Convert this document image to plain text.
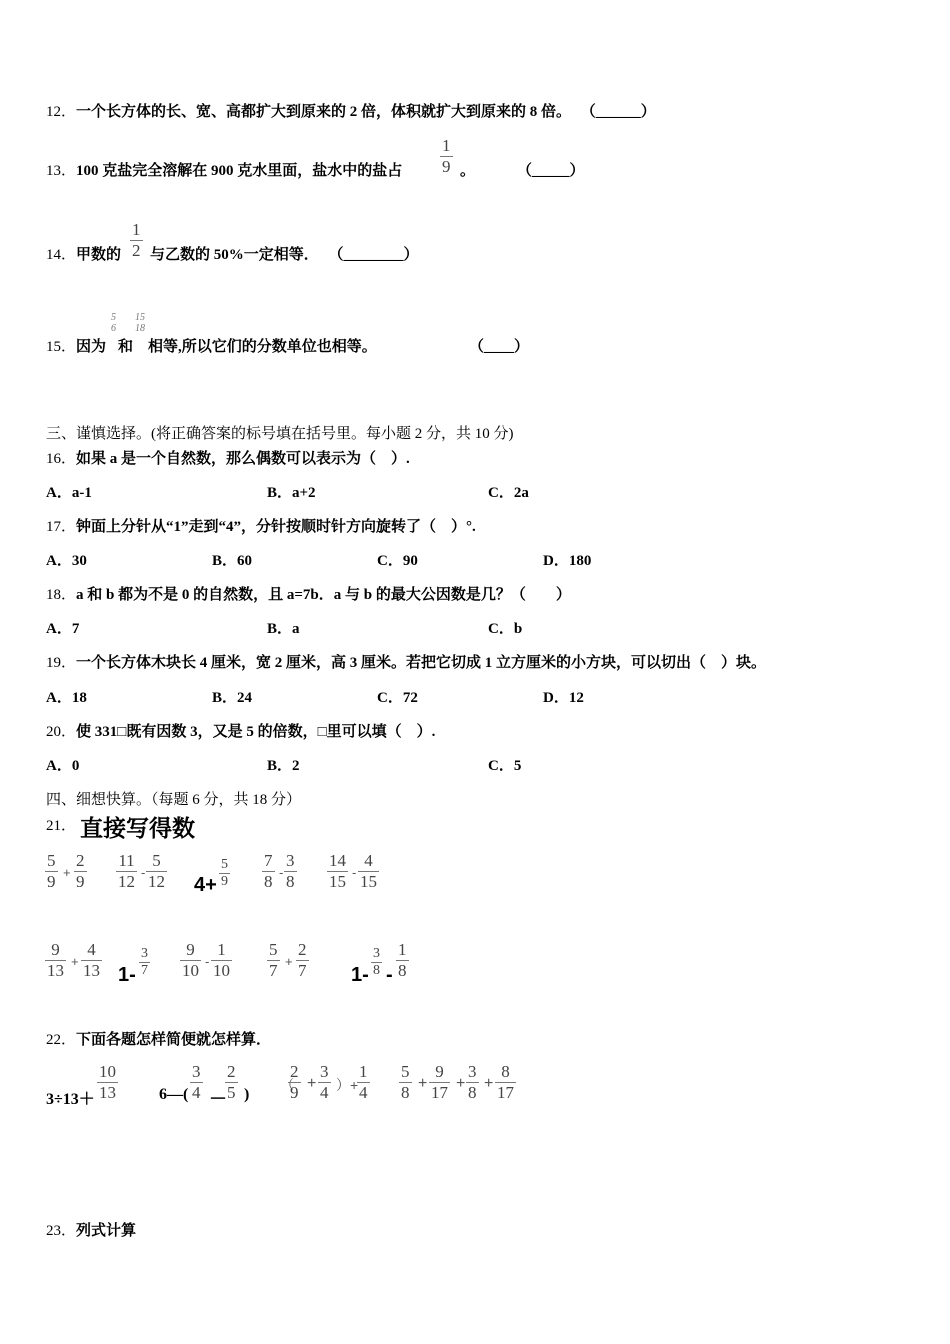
12．一个长方体的长、宽、高都扩大到原来的 2 倍，体积就扩大到原来的 8 倍。 （______）
13．100 克盐完全溶解在 900 克水里面，盐水中的盐占 $\frac{1}{9}$ 。	（_____）
14．甲数的 $\frac{1}{2}$ 与乙数的 50%一定相等． （________）
15．因为
5
6
和
15
18
相等,所以它们的分数单位也相等。	（____）
三、谨慎选择。(将正确答案的标号填在括号里。每小题 2 分，共 10 分)
16．如果 a 是一个自然数，那么偶数可以表示为（　）.
A．a-1	B．a+2	C．2a
17．钟面上分针从“1”走到“4”，分针按顺时针方向旋转了（　）°.
A．30	B．60	C．90	D．180
18．a 和 b 都为不是 0 的自然数，且 a=7b．a 与 b 的最大公因数是几？（　　）
A．7	B．a	C．b
19．一个长方体木块长 4 厘米，宽 2 厘米，高 3 厘米。若把它切成 1 立方厘米的小方块，可以切出（　）块。
A．18	B．24	C．72	D．12
20．使 331□既有因数 3，又是 5 的倍数，□里可以填（　）.
A．0	B．2	C．5
四、细想快算。（每题 6 分，共 18 分）
21． 直接写得数
$\frac{5}{9} + \frac{2}{9} \frac{11}{12} - \frac{5}{12} 4+ \frac{5}{9} \frac{7}{8} - \frac{3}{8} \frac{14}{15} - \frac{4}{15}$
$\frac{9}{13} + \frac{4}{13} 1- \frac{3}{7} \frac{9}{10} - \frac{1}{10} \frac{5}{7} + \frac{2}{7} 1- \frac{3}{8} - \frac{1}{8}$
22．下面各题怎样简便就怎样算．
$3\div 13+ \frac{10}{13}$	6—( $\frac{3}{4}$ －
$\frac{2}{5}$ )
（
$\frac{2}{9} + \frac{3}{4}$ ）+
$\frac{1}{4} \frac{5}{8} + \frac{9}{17} + \frac{3}{8} + \frac{8}{17}$
23．列式计算
